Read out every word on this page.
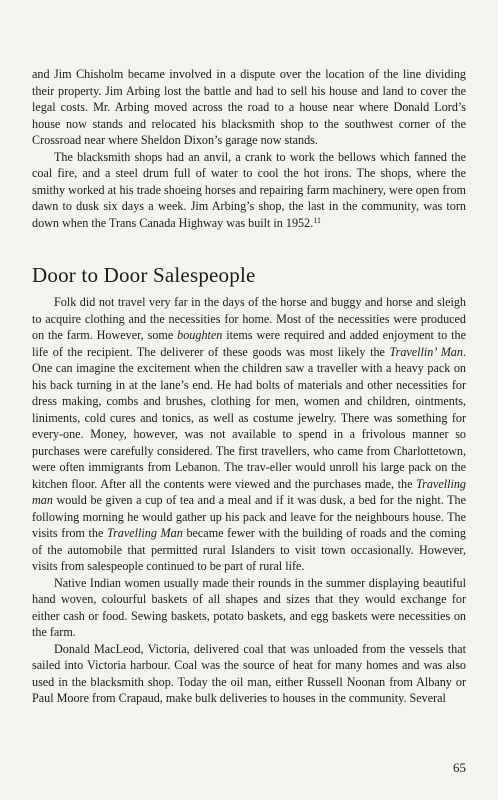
and Jim Chisholm became involved in a dispute over the location of the line dividing their property. Jim Arbing lost the battle and had to sell his house and land to cover the legal costs. Mr. Arbing moved across the road to a house near where Donald Lord’s house now stands and relocated his blacksmith shop to the southwest corner of the Crossroad near where Sheldon Dixon’s garage now stands.

The blacksmith shops had an anvil, a crank to work the bellows which fanned the coal fire, and a steel drum full of water to cool the hot irons. The shops, where the smithy worked at his trade shoeing horses and repairing farm machinery, were open from dawn to dusk six days a week. Jim Arbing’s shop, the last in the community, was torn down when the Trans Canada Highway was built in 1952.11

Door to Door Salespeople

Folk did not travel very far in the days of the horse and buggy and horse and sleigh to acquire clothing and the necessities for home. Most of the necessities were produced on the farm. However, some boughten items were required and added enjoyment to the life of the recipient. The deliverer of these goods was most likely the Travellin’ Man. One can imagine the excitement when the children saw a traveller with a heavy pack on his back turning in at the lane’s end. He had bolts of materials and other necessities for dress making, combs and brushes, clothing for men, women and children, ointments, liniments, cold cures and tonics, as well as costume jewelry. There was something for every-one. Money, however, was not available to spend in a frivolous manner so purchases were carefully considered. The first travellers, who came from Charlottetown, were often immigrants from Lebanon. The trav-eller would unroll his large pack on the kitchen floor. After all the contents were viewed and the purchases made, the Travelling man would be given a cup of tea and a meal and if it was dusk, a bed for the night. The following morning he would gather up his pack and leave for the neighbours house. The visits from the Travelling Man became fewer with the building of roads and the coming of the automobile that permitted rural Islanders to visit town occasionally. However, visits from salespeople continued to be part of rural life.

Native Indian women usually made their rounds in the summer displaying beautiful hand woven, colourful baskets of all shapes and sizes that they would exchange for either cash or food. Sewing baskets, potato baskets, and egg baskets were necessities on the farm.

Donald MacLeod, Victoria, delivered coal that was unloaded from the vessels that sailed into Victoria harbour. Coal was the source of heat for many homes and was also used in the blacksmith shop. Today the oil man, either Russell Noonan from Albany or Paul Moore from Crapaud, make bulk deliveries to houses in the community. Several

65
